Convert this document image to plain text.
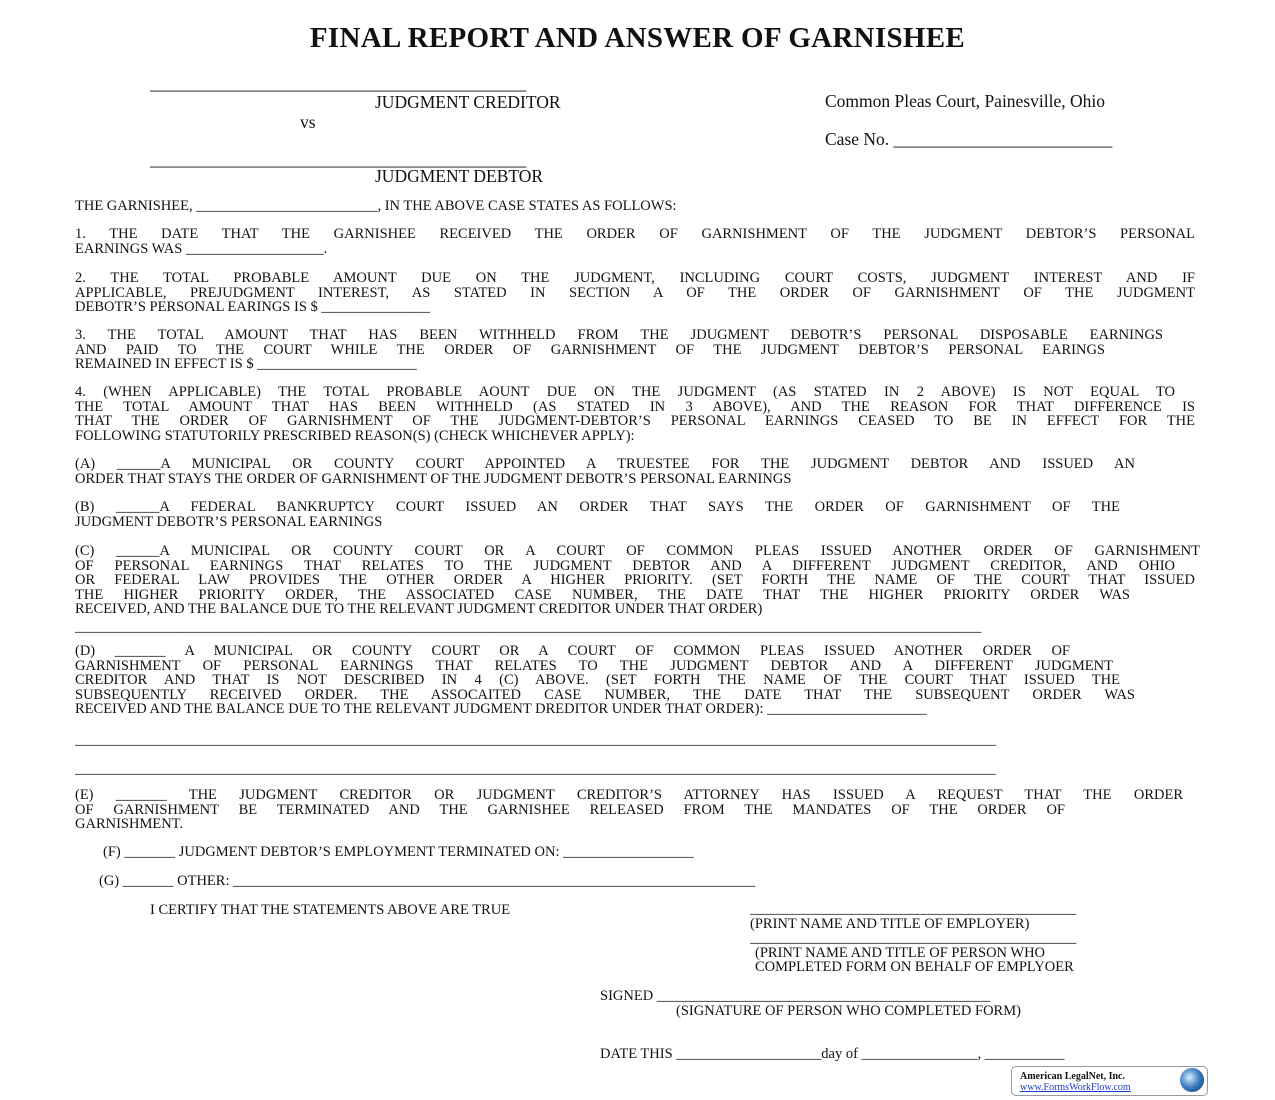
FINAL REPORT AND ANSWER OF GARNISHEE
___________________________________________
JUDGMENT CREDITOR
vs
___________________________________________
JUDGMENT DEBTOR
Common Pleas Court, Painesville, Ohio
Case No. _________________________
THE GARNISHEE, _________________________, IN THE ABOVE CASE STATES AS FOLLOWS:
1. THE DATE THAT THE GARNISHEE RECEIVED THE ORDER OF GARNISHMENT OF THE JUDGMENT DEBTOR’S PERSONAL
EARNINGS WAS ___________________.
2. THE TOTAL PROBABLE AMOUNT DUE ON THE JUDGMENT, INCLUDING COURT COSTS, JUDGMENT INTEREST AND IF
APPLICABLE, PREJUDGMENT INTEREST, AS STATED IN SECTION A OF THE ORDER OF GARNISHMENT OF THE JUDGMENT
DEBOTR’S PERSONAL EARINGS IS $ _______________
3. THE TOTAL AMOUNT THAT HAS BEEN WITHHELD FROM THE JDUGMENT DEBOTR’S PERSONAL DISPOSABLE EARNINGS
AND PAID TO THE COURT WHILE THE ORDER OF GARNISHMENT OF THE JUDGMENT DEBTOR’S PERSONAL EARINGS
REMAINED IN EFFECT IS $ ______________________
4. (WHEN APPLICABLE) THE TOTAL PROBABLE AOUNT DUE ON THE JUDGMENT (AS STATED IN 2 ABOVE) IS NOT EQUAL TO
THE TOTAL AMOUNT THAT HAS BEEN WITHHELD (AS STATED IN 3 ABOVE), AND THE REASON FOR THAT DIFFERENCE IS
THAT THE ORDER OF GARNISHMENT OF THE JUDGMENT-DEBTOR’S PERSONAL EARNINGS CEASED TO BE IN EFFECT FOR THE
FOLLOWING STATUTORILY PRESCRIBED REASON(S) (CHECK WHICHEVER APPLY):
(A) ______A MUNICIPAL OR COUNTY COURT APPOINTED A TRUESTEE FOR THE JUDGMENT DEBTOR AND ISSUED AN
ORDER THAT STAYS THE ORDER OF GARNISHMENT OF THE JUDGMENT DEBOTR’S PERSONAL EARNINGS
(B) ______A FEDERAL BANKRUPTCY COURT ISSUED AN ORDER THAT SAYS THE ORDER OF GARNISHMENT OF THE
JUDGMENT DEBOTR’S PERSONAL EARNINGS
(C) ______A MUNICIPAL OR COUNTY COURT OR A COURT OF COMMON PLEAS ISSUED ANOTHER ORDER OF GARNISHMENT
OF PERSONAL EARNINGS THAT RELATES TO THE JUDGMENT DEBTOR AND A DIFFERENT JUDGMENT CREDITOR, AND OHIO
OR FEDERAL LAW PROVIDES THE OTHER ORDER A HIGHER PRIORITY. (SET FORTH THE NAME OF THE COURT THAT ISSUED
THE HIGHER PRIORITY ORDER, THE ASSOCIATED CASE NUMBER, THE DATE THAT THE HIGHER PRIORITY ORDER WAS
RECEIVED, AND THE BALANCE DUE TO THE RELEVANT JUDGMENT CREDITOR UNDER THAT ORDER)
_____________________________________________________________________________________________________________________________
(D) _______ A MUNICIPAL OR COUNTY COURT OR A COURT OF COMMON PLEAS ISSUED ANOTHER ORDER OF
GARNISHMENT OF PERSONAL EARNINGS THAT RELATES TO THE JUDGMENT DEBTOR AND A DIFFERENT JUDGMENT
CREDITOR AND THAT IS NOT DESCRIBED IN 4 (C) ABOVE. (SET FORTH THE NAME OF THE COURT THAT ISSUED THE
SUBSEQUENTLY RECEIVED ORDER. THE ASSOCAITED CASE NUMBER, THE DATE THAT THE SUBSEQUENT ORDER WAS
RECEIVED AND THE BALANCE DUE TO THE RELEVANT JUDGMENT DREDITOR UNDER THAT ORDER): ______________________
_______________________________________________________________________________________________________________________________
_______________________________________________________________________________________________________________________________
(E) _______ THE JUDGMENT CREDITOR OR JUDGMENT CREDITOR’S ATTORNEY HAS ISSUED A REQUEST THAT THE ORDER
OF GARNISHMENT BE TERMINATED AND THE GARNISHEE RELEASED FROM THE MANDATES OF THE ORDER OF
GARNISHMENT.
(F) _______ JUDGMENT DEBTOR’S EMPLOYMENT TERMINATED ON: __________________
(G) _______ OTHER: ________________________________________________________________________
I CERTIFY THAT THE STATEMENTS ABOVE ARE TRUE	_____________________________________________
(PRINT NAME AND TITLE OF EMPLOYER)
_____________________________________________
(PRINT NAME AND TITLE OF PERSON WHO
COMPLETED FORM ON BEHALF OF EMPLYOER
SIGNED ______________________________________________
(SIGNATURE OF PERSON WHO COMPLETED FORM)
DATE THIS ____________________day of ________________, ___________
American LegalNet, Inc.
www.FormsWorkFlow.com
